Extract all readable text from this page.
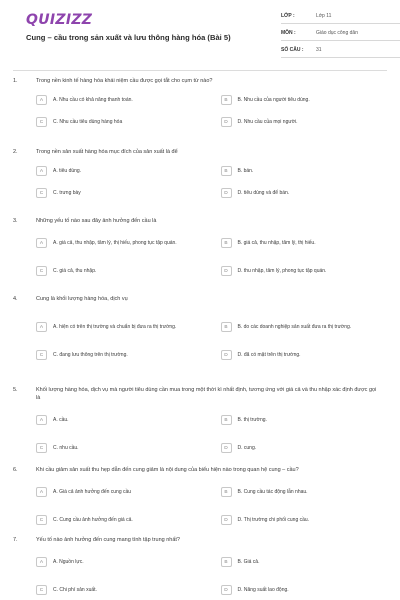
QUIZIZZ
Cung – cầu trong sản xuất và lưu thông hàng hóa (Bài 5)
LỚP :	Lớp 11
MÔN :	Giáo dục công dân
SỐ CÂU :	31
1.	Trong nền kinh tế hàng hóa khái niệm cầu được gọi tắt cho cụm từ nào?
A	A. Nhu cầu có khả năng thanh toán.	B	B. Nhu cầu của người tiêu dùng.
C	C. Nhu cầu tiêu dùng hàng hóa	D	D. Nhu cầu của mọi người.
2.	Trong nền sản xuất hàng hóa mục đích của sản xuất là để
A	A. tiêu dùng.	B	B. bán.
C	C. trưng bày	D	D. tiêu dùng và để bán.
3.	Những yếu tố nào sau đây ảnh hưởng đến cầu là
A	A. giá cả, thu nhập, tâm lý, thị hiếu, phong tục tập quán.	B	B. giá cả, thu nhập, tâm lý, thị hiếu.
C	C. giá cả, thu nhập.	D	D. thu nhập, tâm lý, phong tục tập quán.
4.	Cung là khối lượng hàng hóa, dịch vụ
A	A. hiện có trên thị trường và chuẩn bị đưa ra thị trường.	B	B. do các doanh nghiệp sản xuất đưa ra thị trường.
C	C. đang lưu thông trên thị trường.	D	D. đã có mặt trên thị trường.
5.	Khối lượng hàng hóa, dịch vụ mà người tiêu dùng cần mua trong một thời kì nhất định, tương ứng với giá cả và thu nhập xác định được gọi là
A	A. cầu.	B	B. thị trường.
C	C. nhu cầu.	D	D. cung.
6.	Khi cầu giảm sản xuất thu hẹp dẫn đến cung giảm là nội dung của biểu hiện nào trong quan hệ cung – cầu?
A	A. Giá cả ảnh hưởng đến cung cầu	B	B. Cung cầu tác động lẫn nhau.
C	C. Cung cầu ảnh hưởng đến giá cả.	D	D. Thị trường chi phối cung cầu.
7.	Yếu tố nào ảnh hưởng đến cung mang tính tập trung nhất?
A	A. Nguồn lực.	B	B. Giá cả.
C	C. Chi phí sản xuất.	D	D. Năng suất lao động.
